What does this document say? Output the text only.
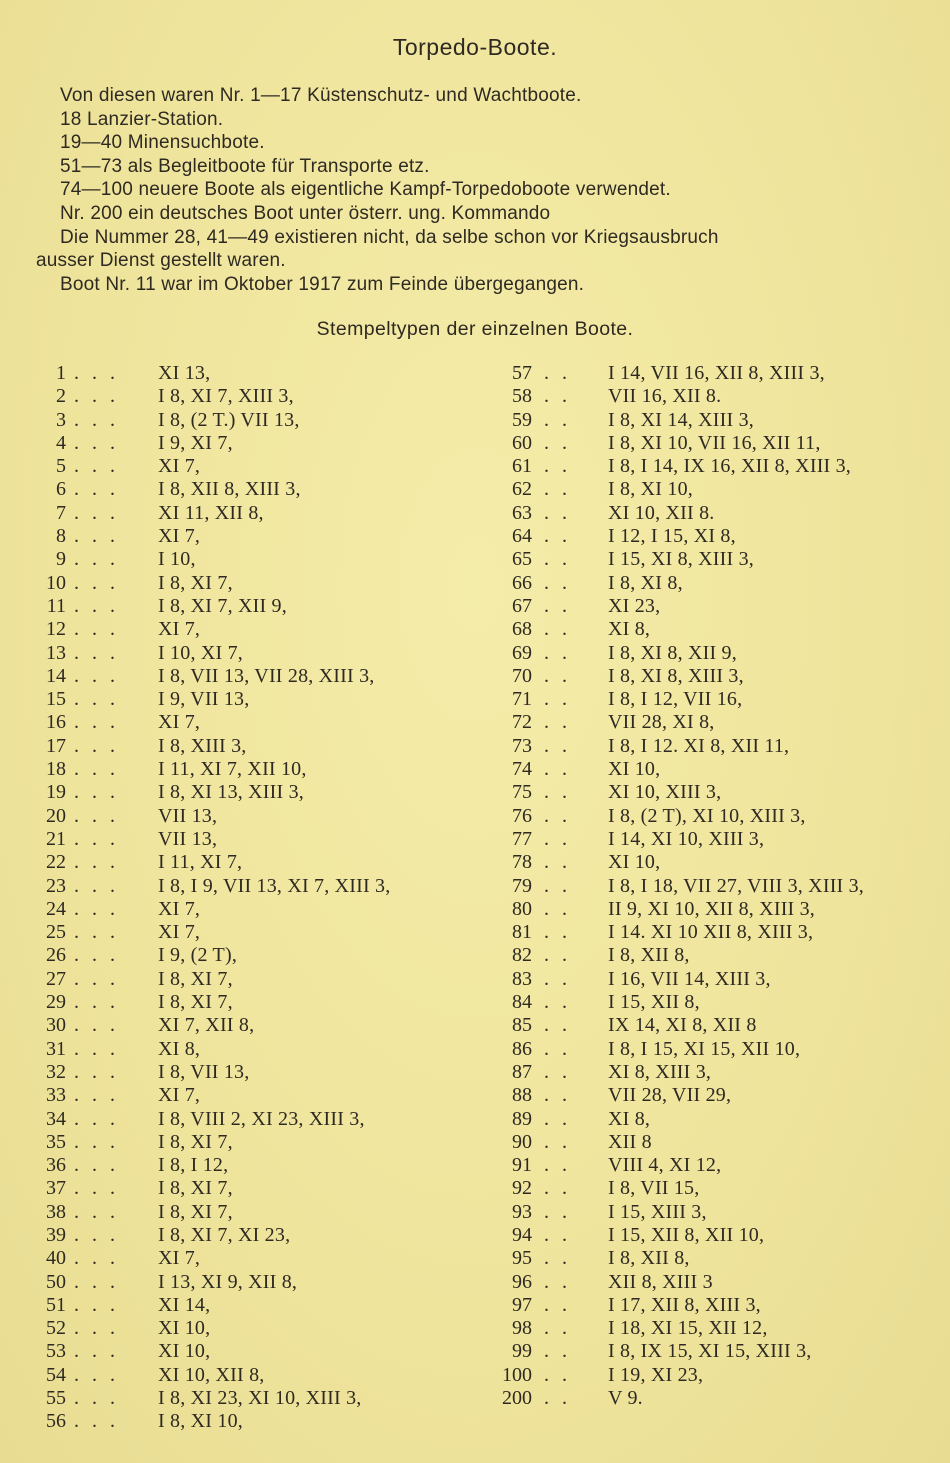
Torpedo-Boote.
Von diesen waren Nr. 1—17 Küstenschutz- und Wachtboote.
18 Lanzier-Station.
19—40 Minensuchbote.
51—73 als Begleitboote für Transporte etz.
74—100 neuere Boote als eigentliche Kampf-Torpedoboote verwendet.
Nr. 200 ein deutsches Boot unter österr. ung. Kommando
Die Nummer 28, 41—49 existieren nicht, da selbe schon vor Kriegsausbruch
ausser Dienst gestellt waren.
Boot Nr. 11 war im Oktober 1917 zum Feinde übergegangen.
Stempeltypen der einzelnen Boote.
1 . . . XI 13,
2 . . . I 8, XI 7, XIII 3,
3 . . . I 8, (2 T.) VII 13,
4 . . . I 9, XI 7,
5 . . . XI 7,
6 . . . I 8, XII 8, XIII 3,
7 . . . XI 11, XII 8,
8 . . . XI 7,
9 . . . I 10,
10 . . . I 8, XI 7,
11 . . . I 8, XI 7, XII 9,
12 . . . XI 7,
13 . . . I 10, XI 7,
14 . . . I 8, VII 13, VII 28, XIII 3,
15 . . . I 9, VII 13,
16 . . . XI 7,
17 . . . I 8, XIII 3,
18 . . . I 11, XI 7, XII 10,
19 . . . I 8, XI 13, XIII 3,
20 . . . VII 13,
21 . . . VII 13,
22 . . . I 11, XI 7,
23 . . . I 8, I 9, VII 13, XI 7, XIII 3,
24 . . . XI 7,
25 . . . XI 7,
26 . . . I 9, (2 T),
27 . . . I 8, XI 7,
29 . . . I 8, XI 7,
30 . . . XI 7, XII 8,
31 . . . XI 8,
32 . . . I 8, VII 13,
33 . . . XI 7,
34 . . . I 8, VIII 2, XI 23, XIII 3,
35 . . . I 8, XI 7,
36 . . . I 8, I 12,
37 . . . I 8, XI 7,
38 . . . I 8, XI 7,
39 . . . I 8, XI 7, XI 23,
40 . . . XI 7,
50 . . . I 13, XI 9, XII 8,
51 . . . XI 14,
52 . . . XI 10,
53 . . . XI 10,
54 . . . XI 10, XII 8,
55 . . . I 8, XI 23, XI 10, XIII 3,
56 . . . I 8, XI 10,
57 . . I 14, VII 16, XII 8, XIII 3,
58 . . VII 16, XII 8.
59 . . I 8, XI 14, XIII 3,
60 . . I 8, XI 10, VII 16, XII 11,
61 . . I 8, I 14, IX 16, XII 8, XIII 3,
62 . . I 8, XI 10,
63 . . XI 10, XII 8.
64 . . I 12, I 15, XI 8,
65 . . I 15, XI 8, XIII 3,
66 . . I 8, XI 8,
67 . . XI 23,
68 . . XI 8,
69 . . I 8, XI 8, XII 9,
70 . . I 8, XI 8, XIII 3,
71 . . I 8, I 12, VII 16,
72 . . VII 28, XI 8,
73 . . I 8, I 12. XI 8, XII 11,
74 . . XI 10,
75 . . XI 10, XIII 3,
76 . . I 8, (2 T), XI 10, XIII 3,
77 . . I 14, XI 10, XIII 3,
78 . . XI 10,
79 . . I 8, I 18, VII 27, VIII 3, XIII 3,
80 . . II 9, XI 10, XII 8, XIII 3,
81 . . I 14. XI 10 XII 8, XIII 3,
82 . . I 8, XII 8,
83 . . I 16, VII 14, XIII 3,
84 . . I 15, XII 8,
85 . . IX 14, XI 8, XII 8
86 . . I 8, I 15, XI 15, XII 10,
87 . . XI 8, XIII 3,
88 . . VII 28, VII 29,
89 . . XI 8,
90 . . XII 8
91 . . VIII 4, XI 12,
92 . . I 8, VII 15,
93 . . I 15, XIII 3,
94 . . I 15, XII 8, XII 10,
95 . . I 8, XII 8,
96 . . XII 8, XIII 3
97 . . I 17, XII 8, XIII 3,
98 . . I 18, XI 15, XII 12,
99 . . I 8, IX 15, XI 15, XIII 3,
100 . . I 19, XI 23,
200 . . V 9.
